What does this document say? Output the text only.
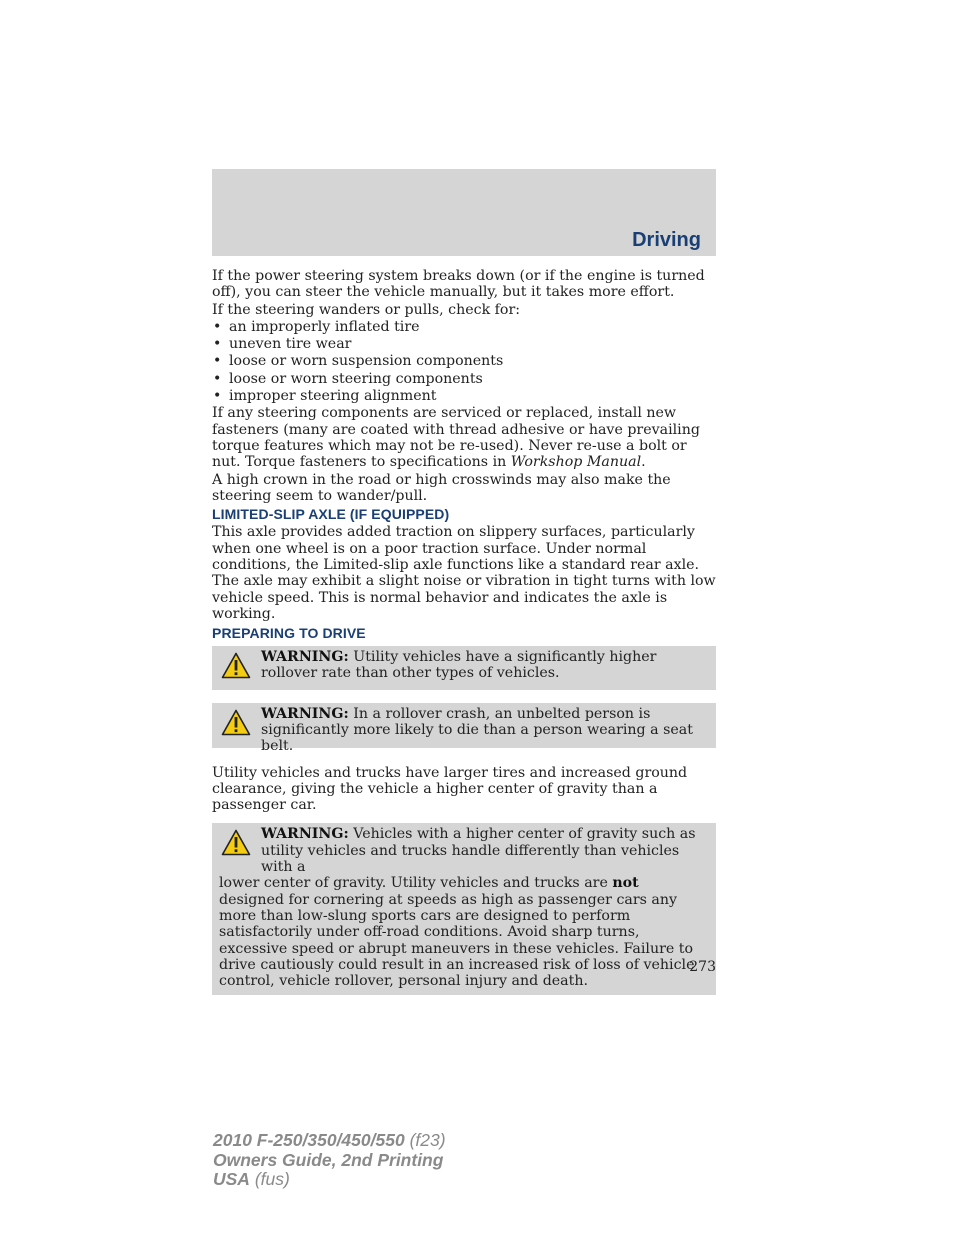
Driving

If the power steering system breaks down (or if the engine is turned off), you can steer the vehicle manually, but it takes more effort.

If the steering wanders or pulls, check for:

• an improperly inflated tire
• uneven tire wear
• loose or worn suspension components
• loose or worn steering components
• improper steering alignment

If any steering components are serviced or replaced, install new fasteners (many are coated with thread adhesive or have prevailing torque features which may not be re-used). Never re-use a bolt or nut. Torque fasteners to specifications in Workshop Manual.

A high crown in the road or high crosswinds may also make the steering seem to wander/pull.

LIMITED-SLIP AXLE (IF EQUIPPED)

This axle provides added traction on slippery surfaces, particularly when one wheel is on a poor traction surface. Under normal conditions, the Limited-slip axle functions like a standard rear axle. The axle may exhibit a slight noise or vibration in tight turns with low vehicle speed. This is normal behavior and indicates the axle is working.

PREPARING TO DRIVE
WARNING: Utility vehicles have a significantly higher rollover rate than other types of vehicles.
WARNING: In a rollover crash, an unbelted person is significantly more likely to die than a person wearing a seat belt.

Utility vehicles and trucks have larger tires and increased ground clearance, giving the vehicle a higher center of gravity than a passenger car.

WARNING: Vehicles with a higher center of gravity such as
utility vehicles and trucks handle differently than vehicles with a
lower center of gravity. Utility vehicles and trucks are not designed for cornering at speeds as high as passenger cars any more than low-slung sports cars are designed to perform satisfactorily under off-road conditions. Avoid sharp turns, excessive speed or abrupt maneuvers in these vehicles. Failure to drive cautiously could result in an increased risk of loss of vehicle control, vehicle rollover, personal injury and death.
273
2010 F-250/350/450/550 (f23)
Owners Guide, 2nd Printing
USA (fus)
